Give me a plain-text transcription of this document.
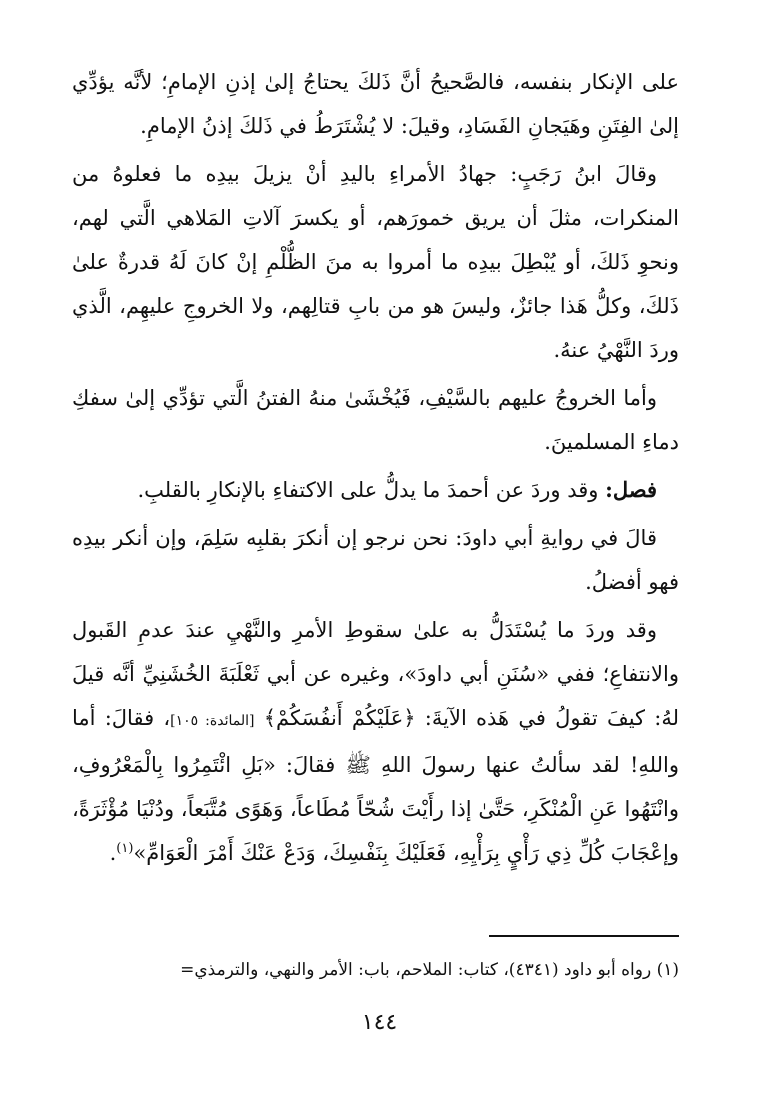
على الإنكار بنفسه، فالصَّحيحُ أنَّ ذَلكَ يحتاجُ إلىٰ إذنِ الإمامِ؛ لأنَّه يؤدِّي إلىٰ الفِتَنِ وهَيَجانِ الفَسَادِ، وقيلَ: لا يُشْتَرَطُ في ذَلكَ إذنُ الإمامِ.

وقالَ ابنُ رَجَبٍ: جهادُ الأمراءِ باليدِ أنْ يزيلَ بيدِه ما فعلوهُ من المنكرات، مثلَ أن يريق خمورَهم، أو يكسرَ آلاتِ المَلاهي الَّتي لهم، ونحوِ ذَلكَ، أو يُبْطِلَ بيدِه ما أمروا به منَ الظُّلْمِ إنْ كانَ لَهُ قدرةٌ علىٰ ذَلكَ، وكلُّ هَذا جائزٌ، وليسَ هو من بابِ قتالِهم، ولا الخروجِ عليهِم، الَّذي وردَ النَّهْيُ عنهُ.

وأما الخروجُ عليهم بالسَّيْفِ، فَيُخْشَىٰ منهُ الفتنُ الَّتي تؤدِّي إلىٰ سفكِ دماءِ المسلمينَ.

فصل: وقد وردَ عن أحمدَ ما يدلُّ على الاكتفاءِ بالإنكارِ بالقلبِ.

قالَ في روايةِ أبي داودَ: نحن نرجو إن أنكرَ بقلبِه سَلِمَ، وإن أنكر بيدِه فهو أفضلُ.

وقد وردَ ما يُسْتَدَلُّ به علىٰ سقوطِ الأمرِ والنَّهْيِ عندَ عدمِ القَبول والانتفاعِ؛ ففي «سُنَنِ أبي داودَ»، وغيره عن أبي ثَعْلَبَةَ الخُشَنِيِّ أنَّه قيلَ لهُ: كيفَ تقولُ في هَذه الآيةَ: ﴿عَلَيْكُمْ أَنفُسَكُمْ﴾ [المائدة: ١٠٥]، فقالَ: أما واللهِ! لقد سألتُ عنها رسولَ اللهِ ﷺ فقالَ: «بَلِ ائْتَمِرُوا بِالْمَعْرُوفِ، وانْتَهُوا عَنِ الْمُنْكَرِ، حَتَّىٰ إذا رأَيْتَ شُحّاً مُطَاعاً، وَهَوًى مُتَّبَعاً، ودُنْيَا مُؤْثَرَةً، وإعْجَابَ كُلِّ ذِي رَأْيٍ بِرَأْيِهِ، فَعَلَيْكَ بِنَفْسِكَ، وَدَعْ عَنْكَ أَمْرَ الْعَوَامِّ»$^{(١)}$.

(١) رواه أبو داود (٤٣٤١)، كتاب: الملاحم، باب: الأمر والنهي، والترمذي=
١٤٤
